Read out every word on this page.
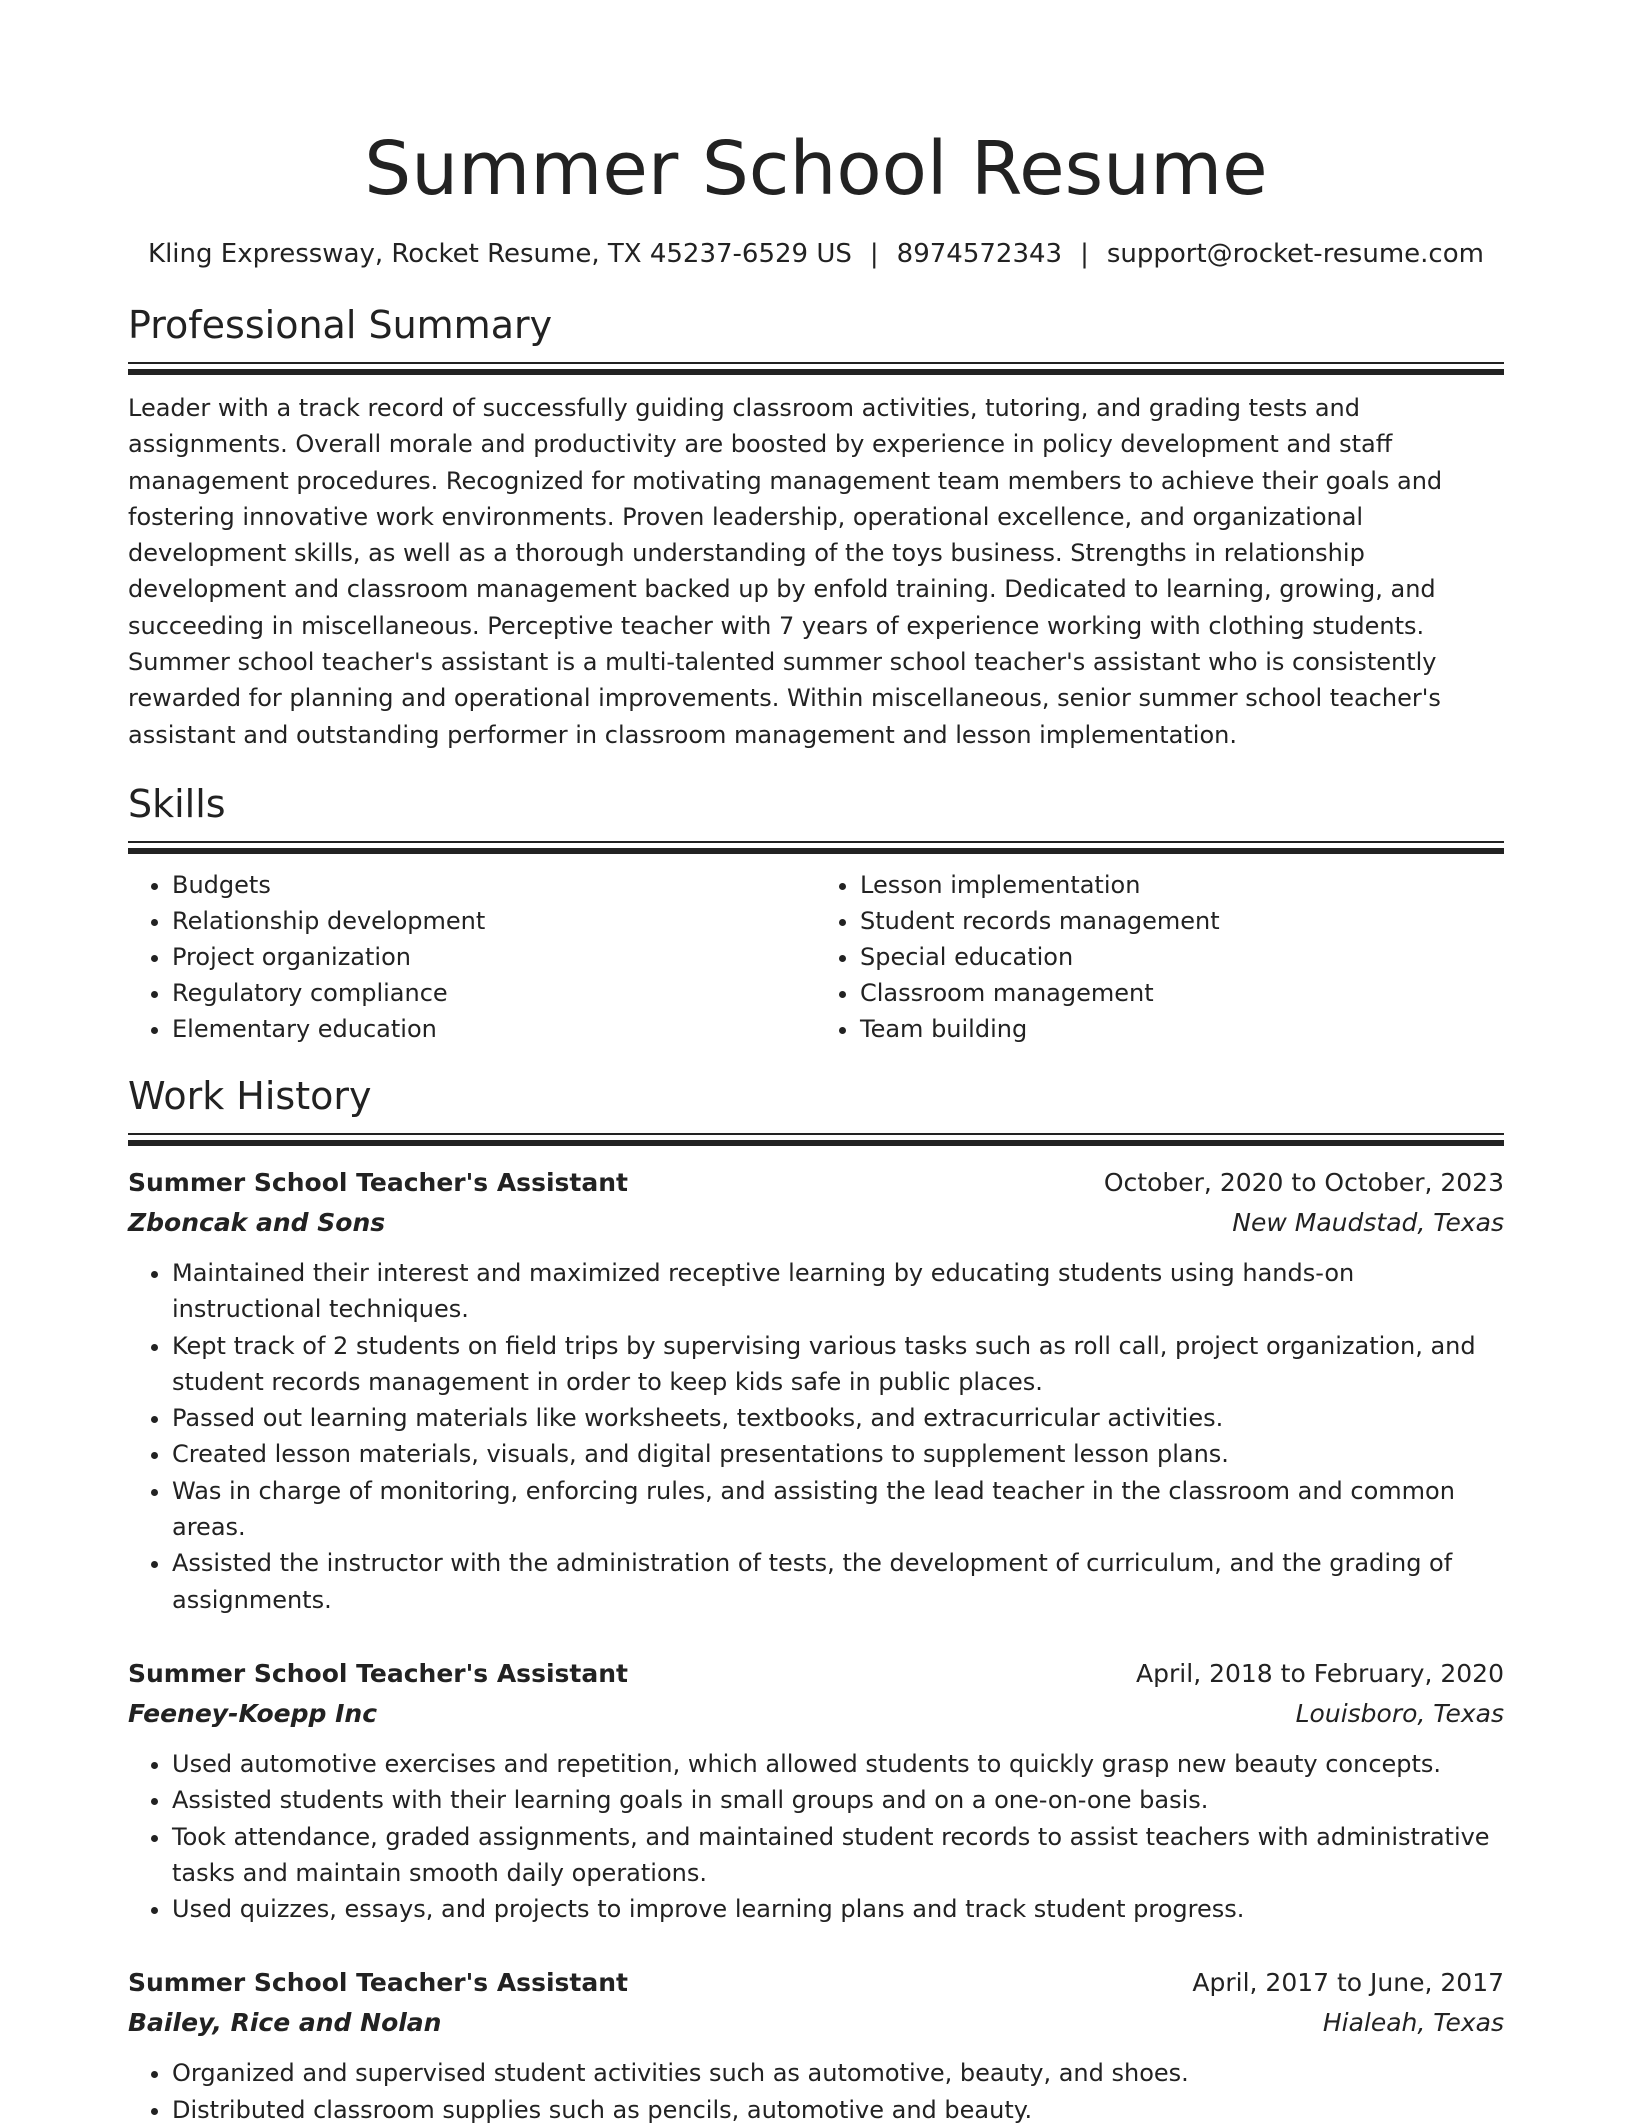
Summer School Resume
Kling Expressway, Rocket Resume, TX 45237-6529 US | 8974572343 | support@rocket-resume.com
Professional Summary

Leader with a track record of successfully guiding classroom activities, tutoring, and grading tests and assignments. Overall morale and productivity are boosted by experience in policy development and staff management procedures. Recognized for motivating management team members to achieve their goals and fostering innovative work environments. Proven leadership, operational excellence, and organizational development skills, as well as a thorough understanding of the toys business. Strengths in relationship development and classroom management backed up by enfold training. Dedicated to learning, growing, and succeeding in miscellaneous. Perceptive teacher with 7 years of experience working with clothing students. Summer school teacher's assistant is a multi-talented summer school teacher's assistant who is consistently rewarded for planning and operational improvements. Within miscellaneous, senior summer school teacher's assistant and outstanding performer in classroom management and lesson implementation.

Skills
• Budgets
• Relationship development
• Project organization
• Regulatory compliance
• Elementary education
• Lesson implementation
• Student records management
• Special education
• Classroom management
• Team building
Work History
Summer School Teacher's Assistant	October, 2020 to October, 2023
Zboncak and Sons	New Maudstad, Texas
• Maintained their interest and maximized receptive learning by educating students using hands-on instructional techniques.
• Kept track of 2 students on field trips by supervising various tasks such as roll call, project organization, and student records management in order to keep kids safe in public places.
• Passed out learning materials like worksheets, textbooks, and extracurricular activities.
• Created lesson materials, visuals, and digital presentations to supplement lesson plans.
• Was in charge of monitoring, enforcing rules, and assisting the lead teacher in the classroom and common areas.
• Assisted the instructor with the administration of tests, the development of curriculum, and the grading of assignments.
Summer School Teacher's Assistant	April, 2018 to February, 2020
Feeney-Koepp Inc	Louisboro, Texas
• Used automotive exercises and repetition, which allowed students to quickly grasp new beauty concepts.
• Assisted students with their learning goals in small groups and on a one-on-one basis.
• Took attendance, graded assignments, and maintained student records to assist teachers with administrative tasks and maintain smooth daily operations.
• Used quizzes, essays, and projects to improve learning plans and track student progress.
Summer School Teacher's Assistant	April, 2017 to June, 2017
Bailey, Rice and Nolan	Hialeah, Texas
• Organized and supervised student activities such as automotive, beauty, and shoes.
• Distributed classroom supplies such as pencils, automotive and beauty.
